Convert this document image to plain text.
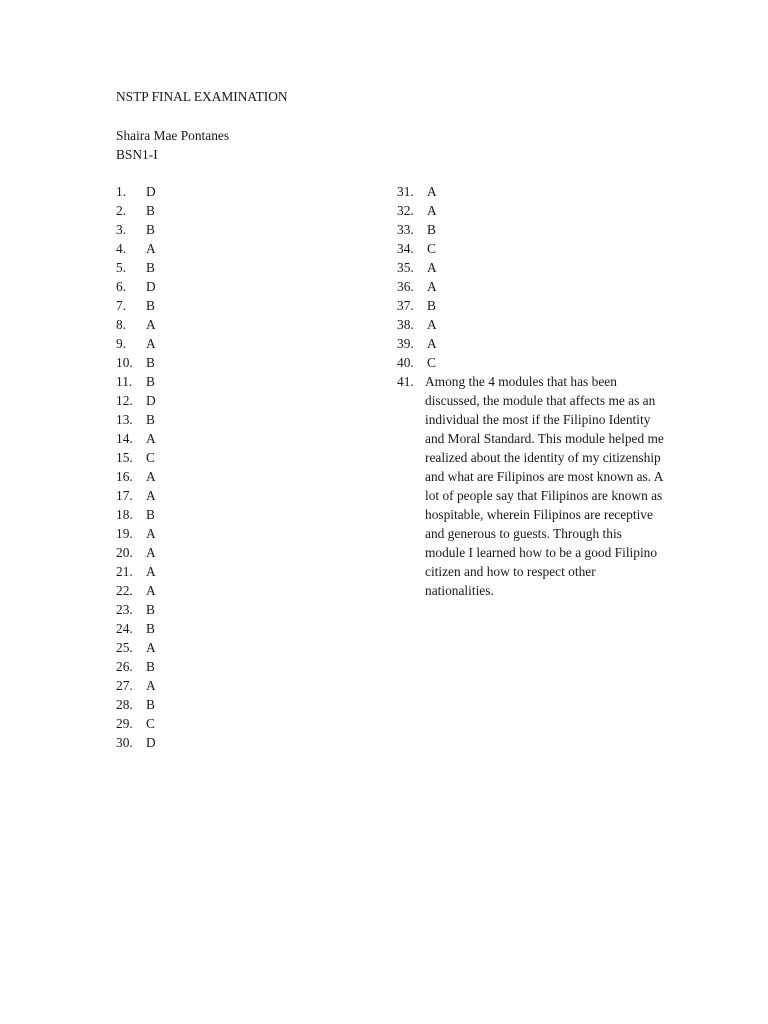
NSTP FINAL EXAMINATION
Shaira Mae Pontanes
BSN1-I
1.	D
2.	B
3.	B
4.	A
5.	B
6.	D
7.	B
8.	A
9.	A
10. B
11.	B
12. D
13. B
14. A
15. C
16. A
17. A
18. B
19. A
20. A
21. A
22. A
23. B
24. B
25. A
26. B
27. A
28. B
29. C
30. D
31. A
32. A
33. B
34. C
35. A
36. A
37. B
38. A
39. A
40. C
41. Among the 4 modules that has been discussed, the module that affects me as an individual the most if the Filipino Identity and Moral Standard. This module helped me realized about the identity of my citizenship and what are Filipinos are most known as. A lot of people say that Filipinos are known as hospitable, wherein Filipinos are receptive and generous to guests. Through this module I learned how to be a good Filipino citizen and how to respect other nationalities.
